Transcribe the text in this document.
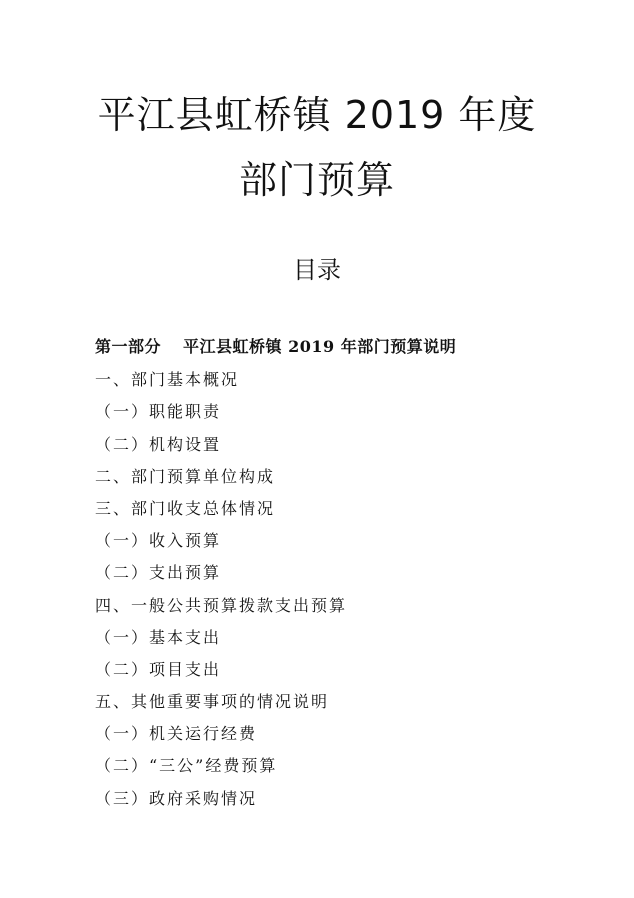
平江县虹桥镇 2019 年度
部门预算
目录
第一部分 平江县虹桥镇 2019 年部门预算说明
一、部门基本概况
（一）职能职责
（二）机构设置
二、部门预算单位构成
三、部门收支总体情况
（一）收入预算
（二）支出预算
四、一般公共预算拨款支出预算
（一）基本支出
（二）项目支出
五、其他重要事项的情况说明
（一）机关运行经费
（二）“三公”经费预算
（三）政府采购情况
